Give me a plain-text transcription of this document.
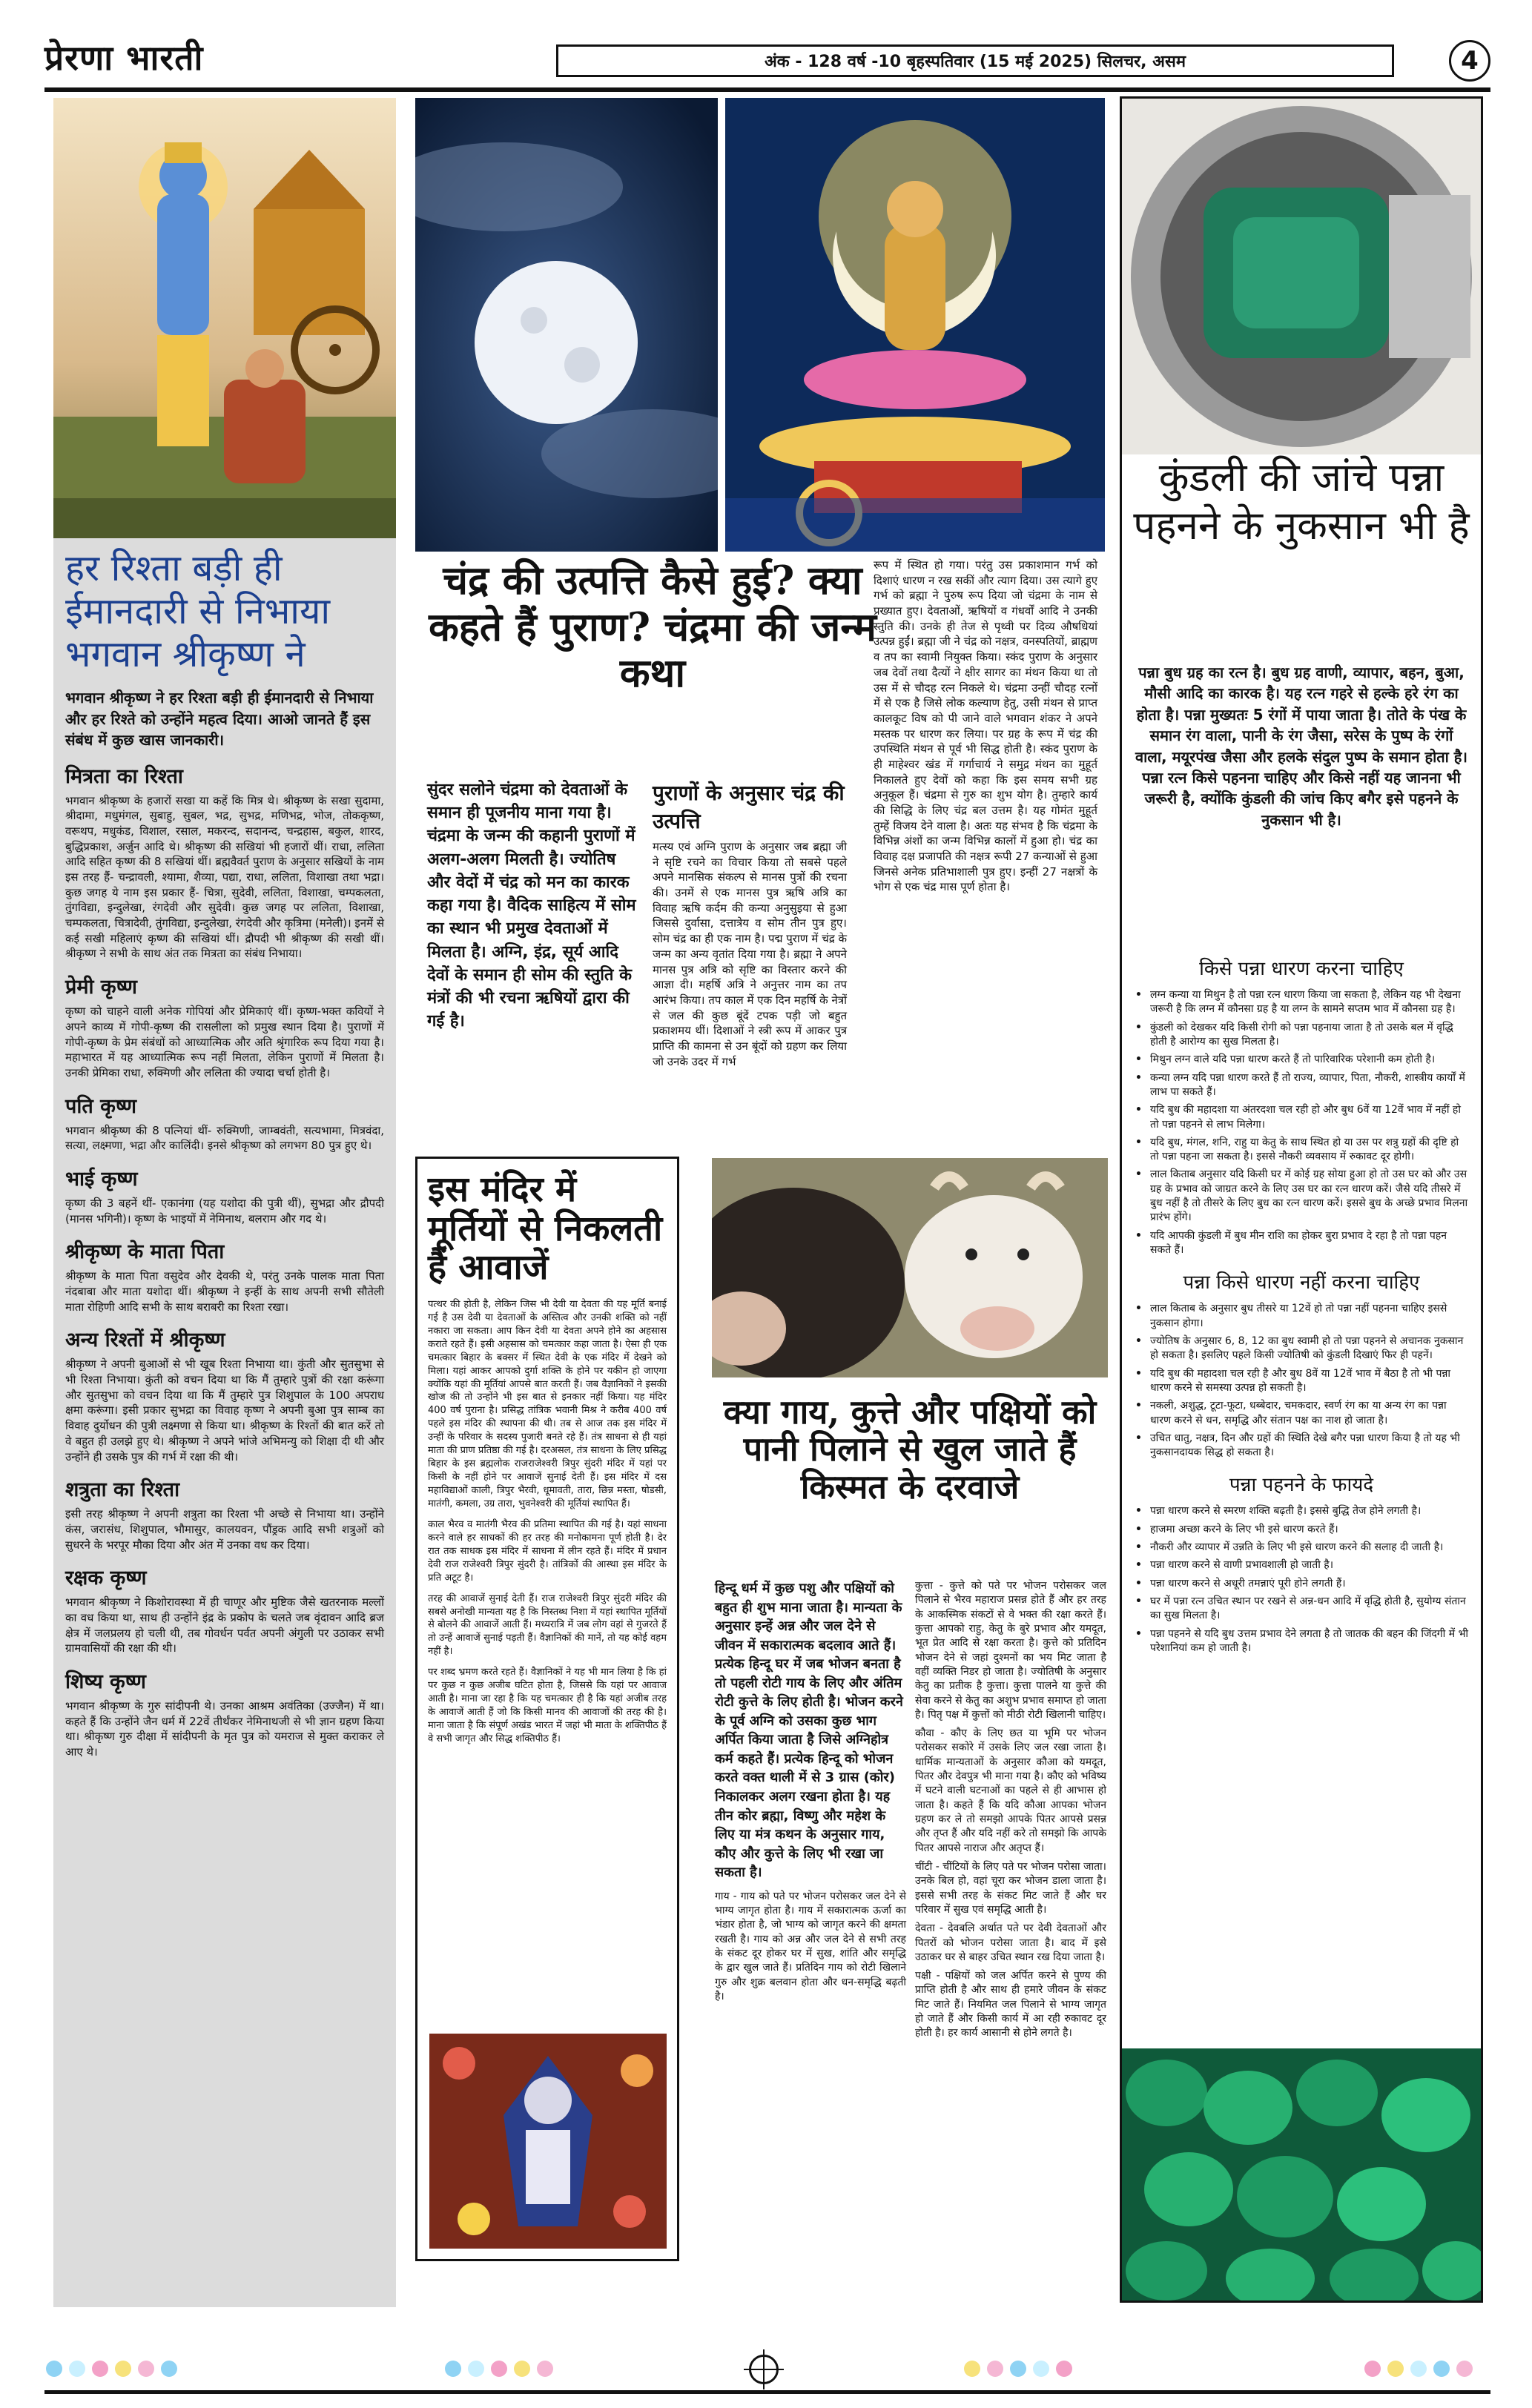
प्रेरणा भारती	अंक - 128 वर्ष -10 बृहस्पतिवार (15 मई 2025) सिलचर, असम	4
हर रिश्ता बड़ी ही ईमानदारी से निभाया भगवान श्रीकृष्ण ने
भगवान श्रीकृष्ण ने हर रिश्ता बड़ी ही ईमानदारी से निभाया और हर रिश्ते को उन्होंने महत्व दिया। आओ जानते हैं इस संबंध में कुछ खास जानकारी।
मित्रता का रिश्ता
भगवान श्रीकृष्ण के हजारों सखा या कहें कि मित्र थे। श्रीकृष्ण के सखा सुदामा, श्रीदामा, मधुमंगल, सुबाहु, सुबल, भद्र, सुभद्र, मणिभद्र, भोज, तोककृष्ण, वरूथप, मधुकंड, विशाल, रसाल, मकरन्द, सदानन्द, चन्द्रहास, बकुल, शारद, बुद्धिप्रकाश, अर्जुन आदि थे। श्रीकृष्ण की सखियां भी हजारों थीं। राधा, ललिता आदि सहित कृष्ण की 8 सखियां थीं। ब्रह्मवैवर्त पुराण के अनुसार सखियों के नाम इस तरह हैं- चन्द्रावली, श्यामा, शैव्या, पद्या, राधा, ललिता, विशाखा तथा भद्रा। कुछ जगह ये नाम इस प्रकार हैं- चित्रा, सुदेवी, ललिता, विशाखा, चम्पकलता, तुंगविद्या, इन्दुलेखा, रंगदेवी और सुदेवी। कुछ जगह पर ललिता, विशाखा, चम्पकलता, चित्रादेवी, तुंगविद्या, इन्दुलेखा, रंगदेवी और कृत्रिमा (मनेली)। इनमें से कई सखी महिलाएं कृष्ण की सखियां थीं। द्रौपदी भी श्रीकृष्ण की सखी थीं। श्रीकृष्ण ने सभी के साथ अंत तक मित्रता का संबंध निभाया।
प्रेमी कृष्ण
कृष्ण को चाहने वाली अनेक गोपियां और प्रेमिकाएं थीं। कृष्ण-भक्त कवियों ने अपने काव्य में गोपी-कृष्ण की रासलीला को प्रमुख स्थान दिया है। पुराणों में गोपी-कृष्ण के प्रेम संबंधों को आध्यात्मिक और अति श्रृंगारिक रूप दिया गया है। महाभारत में यह आध्यात्मिक रूप नहीं मिलता, लेकिन पुराणों में मिलता है। उनकी प्रेमिका राधा, रुक्मिणी और ललिता की ज्यादा चर्चा होती है।
पति कृष्ण
भगवान श्रीकृष्ण की 8 पत्नियां थीं- रुक्मिणी, जाम्बवंती, सत्यभामा, मित्रवंदा, सत्या, लक्ष्मणा, भद्रा और कालिंदी। इनसे श्रीकृष्ण को लगभग 80 पुत्र हुए थे।
भाई कृष्ण
कृष्ण की 3 बहनें थीं- एकानंगा (यह यशोदा की पुत्री थीं), सुभद्रा और द्रौपदी (मानस भगिनी)। कृष्ण के भाइयों में नेमिनाथ, बलराम और गद थे।
श्रीकृष्ण के माता पिता
श्रीकृष्ण के माता पिता वसुदेव और देवकी थे, परंतु उनके पालक माता पिता नंदबाबा और माता यशोदा थीं। श्रीकृष्ण ने इन्हीं के साथ अपनी सभी सौतेली माता रोहिणी आदि सभी के साथ बराबरी का रिश्ता रखा।
अन्य रिश्तों में श्रीकृष्ण
श्रीकृष्ण ने अपनी बुआओं से भी खूब रिश्ता निभाया था। कुंती और सुतसुभा से भी रिश्ता निभाया। कुंती को वचन दिया था कि मैं तुम्हारे पुत्रों की रक्षा करूंगा और सुतसुभा को वचन दिया था कि मैं तुम्हारे पुत्र शिशुपाल के 100 अपराध क्षमा करूंगा। इसी प्रकार सुभद्रा का विवाह कृष्ण ने अपनी बुआ पुत्र साम्ब का विवाह दुर्योधन की पुत्री लक्ष्मणा से किया था। श्रीकृष्ण के रिश्तों की बात करें तो वे बहुत ही उलझे हुए थे। श्रीकृष्ण ने अपने भांजे अभिमन्यु को शिक्षा दी थी और उन्होंने ही उसके पुत्र की गर्भ में रक्षा की थी।
शत्रुता का रिश्ता
इसी तरह श्रीकृष्ण ने अपनी शत्रुता का रिश्ता भी अच्छे से निभाया था। उन्होंने कंस, जरासंध, शिशुपाल, भौमासुर, कालयवन, पौंड्रक आदि सभी शत्रुओं को सुधरने के भरपूर मौका दिया और अंत में उनका वध कर दिया।
रक्षक कृष्ण
भगवान श्रीकृष्ण ने किशोरावस्था में ही चाणूर और मुष्टिक जैसे खतरनाक मल्लों का वध किया था, साथ ही उन्होंने इंद्र के प्रकोप के चलते जब वृंदावन आदि ब्रज क्षेत्र में जलप्रलय हो चली थी, तब गोवर्धन पर्वत अपनी अंगुली पर उठाकर सभी ग्रामवासियों की रक्षा की थी।
शिष्य कृष्ण
भगवान श्रीकृष्ण के गुरु सांदीपनी थे। उनका आश्रम अवंतिका (उज्जैन) में था। कहते हैं कि उन्होंने जैन धर्म में 22वें तीर्थंकर नेमिनाथजी से भी ज्ञान ग्रहण किया था। श्रीकृष्ण गुरु दीक्षा में सांदीपनी के मृत पुत्र को यमराज से मुक्त कराकर ले आए थे।
चंद्र की उत्पत्ति कैसे हुई? क्या कहते हैं पुराण? चंद्रमा की जन्म कथा
सुंदर सलोने चंद्रमा को देवताओं के समान ही पूजनीय माना गया है। चंद्रमा के जन्म की कहानी पुराणों में अलग-अलग मिलती है। ज्योतिष और वेदों में चंद्र को मन का कारक कहा गया है। वैदिक साहित्य में सोम का स्थान भी प्रमुख देवताओं में मिलता है। अग्नि, इंद्र, सूर्य आदि देवों के समान ही सोम की स्तुति के मंत्रों की भी रचना ऋषियों द्वारा की गई है।
पुराणों के अनुसार चंद्र की उत्पत्ति
मत्स्य एवं अग्नि पुराण के अनुसार जब ब्रह्मा जी ने सृष्टि रचने का विचार किया तो सबसे पहले अपने मानसिक संकल्प से मानस पुत्रों की रचना की। उनमें से एक मानस पुत्र ऋषि अत्रि का विवाह ऋषि कर्दम की कन्या अनुसुइया से हुआ जिससे दुर्वासा, दत्तात्रेय व सोम तीन पुत्र हुए। सोम चंद्र का ही एक नाम है। पद्म पुराण में चंद्र के जन्म का अन्य वृतांत दिया गया है। ब्रह्मा ने अपने मानस पुत्र अत्रि को सृष्टि का विस्तार करने की आज्ञा दी। महर्षि अत्रि ने अनुत्तर नाम का तप आरंभ किया। तप काल में एक दिन महर्षि के नेत्रों से जल की कुछ बूंदें टपक पड़ी जो बहुत प्रकाशमय थीं। दिशाओं ने स्त्री रूप में आकर पुत्र प्राप्ति की कामना से उन बूंदों को ग्रहण कर लिया जो उनके उदर में गर्भ
रूप में स्थित हो गया। परंतु उस प्रकाशमान गर्भ को दिशाएं धारण न रख सकीं और त्याग दिया। उस त्यागे हुए गर्भ को ब्रह्मा ने पुरुष रूप दिया जो चंद्रमा के नाम से प्रख्यात हुए। देवताओं, ऋषियों व गंधर्वों आदि ने उनकी स्तुति की। उनके ही तेज से पृथ्वी पर दिव्य औषधियां उत्पन्न हुईं। ब्रह्मा जी ने चंद्र को नक्षत्र, वनस्पतियों, ब्राह्मण व तप का स्वामी नियुक्त किया। स्कंद पुराण के अनुसार जब देवों तथा दैत्यों ने क्षीर सागर का मंथन किया था तो उस में से चौदह रत्न निकले थे। चंद्रमा उन्हीं चौदह रत्नों में से एक है जिसे लोक कल्याण हेतु, उसी मंथन से प्राप्त कालकूट विष को पी जाने वाले भगवान शंकर ने अपने मस्तक पर धारण कर लिया। पर ग्रह के रूप में चंद्र की उपस्थिति मंथन से पूर्व भी सिद्ध होती है। स्कंद पुराण के ही माहेश्वर खंड में गर्गाचार्य ने समुद्र मंथन का मुहूर्त निकालते हुए देवों को कहा कि इस समय सभी ग्रह अनुकूल हैं। चंद्रमा से गुरु का शुभ योग है। तुम्हारे कार्य की सिद्धि के लिए चंद्र बल उत्तम है। यह गोमंत मुहूर्त तुम्हें विजय देने वाला है। अतः यह संभव है कि चंद्रमा के विभिन्न अंशों का जन्म विभिन्न कालों में हुआ हो। चंद्र का विवाह दक्ष प्रजापति की नक्षत्र रूपी 27 कन्याओं से हुआ जिनसे अनेक प्रतिभाशाली पुत्र हुए। इन्हीं 27 नक्षत्रों के भोग से एक चंद्र मास पूर्ण होता है।
इस मंदिर में मूर्तियों से निकलती हैं आवाजें
पत्थर की होती है, लेकिन जिस भी देवी या देवता की यह मूर्ति बनाई गई है उस देवी या देवताओं के अस्तित्व और उनकी शक्ति को नहीं नकारा जा सकता। आप किन देवी या देवता अपने होने का अहसास कराते रहते हैं। इसी अहसास को चमत्कार कहा जाता है। ऐसा ही एक चमत्कार बिहार के बक्सर में स्थित देवी के एक मंदिर में देखने को मिला। यहां आकर आपको दुर्गा शक्ति के होने पर यकीन हो जाएगा क्योंकि यहां की मूर्तियां आपसे बात करती हैं। जब वैज्ञानिकों ने इसकी खोज की तो उन्होंने भी इस बात से इनकार नहीं किया। यह मंदिर 400 वर्ष पुराना है। प्रसिद्ध तांत्रिक भवानी मिश्र ने करीब 400 वर्ष पहले इस मंदिर की स्थापना की थी। तब से आज तक इस मंदिर में उन्हीं के परिवार के सदस्य पुजारी बनते रहे हैं। तंत्र साधना से ही यहां माता की प्राण प्रतिष्ठा की गई है। दरअसल, तंत्र साधना के लिए प्रसिद्ध बिहार के इस ब्रह्मलोक राजराजेश्वरी त्रिपुर सुंदरी मंदिर में यहां पर किसी के नहीं होने पर आवाजें सुनाई देती हैं। इस मंदिर में दस महाविद्याओं काली, त्रिपुर भैरवी, धूमावती, तारा, छिन्न मस्ता, षोडसी, मातंगी, कमला, उग्र तारा, भुवनेश्वरी की मूर्तियां स्थापित हैं।
काल भैरव व मातंगी भैरव की प्रतिमा स्थापित की गई है। यहां साधना करने वाले हर साधकों की हर तरह की मनोकामना पूर्ण होती है। देर रात तक साधक इस मंदिर में साधना में लीन रहते हैं। मंदिर में प्रधान देवी राज राजेश्वरी त्रिपुर सुंदरी है। तांत्रिकों की आस्था इस मंदिर के प्रति अटूट है।
तरह की आवाजें सुनाई देती हैं। राज राजेश्वरी त्रिपुर सुंदरी मंदिर की सबसे अनोखी मान्यता यह है कि निस्तब्ध निशा में यहां स्थापित मूर्तियों से बोलने की आवाजें आती हैं। मध्यरात्रि में जब लोग वहां से गुजरते हैं तो उन्हें आवाजें सुनाई पड़ती हैं। वैज्ञानिकों की मानें, तो यह कोई वहम नहीं है।
पर शब्द भ्रमण करते रहते हैं। वैज्ञानिकों ने यह भी मान लिया है कि हां पर कुछ न कुछ अजीब घटित होता है, जिससे कि यहां पर आवाज आती है। माना जा रहा है कि यह चमत्कार ही है कि यहां अजीब तरह के आवाजें आती हैं जो कि किसी मानव की आवाजों की तरह की है। माना जाता है कि संपूर्ण अखंड भारत में जहां भी माता के शक्तिपीठ हैं वे सभी जागृत और सिद्ध शक्तिपीठ हैं।
क्या गाय, कुत्ते और पक्षियों को पानी पिलाने से खुल जाते हैं किस्मत के दरवाजे
हिन्दू धर्म में कुछ पशु और पक्षियों को बहुत ही शुभ माना जाता है। मान्यता के अनुसार इन्हें अन्न और जल देने से जीवन में सकारात्मक बदलाव आते हैं। प्रत्येक हिन्दू घर में जब भोजन बनता है तो पहली रोटी गाय के लिए और अंतिम रोटी कुत्ते के लिए होती है। भोजन करने के पूर्व अग्नि को उसका कुछ भाग अर्पित किया जाता है जिसे अग्निहोत्र कर्म कहते हैं। प्रत्येक हिन्दू को भोजन करते वक्त थाली में से 3 ग्रास (कोर) निकालकर अलग रखना होता है। यह तीन कोर ब्रह्मा, विष्णु और महेश के लिए या मंत्र कथन के अनुसार गाय, कौए और कुत्ते के लिए भी रखा जा सकता है।
गाय - गाय को पते पर भोजन परोसकर जल देने से भाग्य जागृत होता है। गाय में सकारात्मक ऊर्जा का भंडार होता है, जो भाग्य को जागृत करने की क्षमता रखती है। गाय को अन्न और जल देने से सभी तरह के संकट दूर होकर घर में सुख, शांति और समृद्धि के द्वार खुल जाते हैं। प्रतिदिन गाय को रोटी खिलाने गुरु और शुक्र बलवान होता और धन-समृद्धि बढ़ती है।
कुत्ता - कुत्ते को पते पर भोजन परोसकर जल पिलाने से भैरव महाराज प्रसन्न होते हैं और हर तरह के आकस्मिक संकटों से वे भक्त की रक्षा करते हैं। कुत्ता आपको राहु, केतु के बुरे प्रभाव और यमदूत, भूत प्रेत आदि से रक्षा करता है। कुत्ते को प्रतिदिन भोजन देने से जहां दुश्मनों का भय मिट जाता है वहीं व्यक्ति निडर हो जाता है। ज्योतिषी के अनुसार केतु का प्रतीक है कुत्ता। कुत्ता पालने या कुत्ते की सेवा करने से केतु का अशुभ प्रभाव समाप्त हो जाता है। पितृ पक्ष में कुत्तों को मीठी रोटी खिलानी चाहिए।
कौवा - कौए के लिए छत या भूमि पर भोजन परोसकर सकोरे में उसके लिए जल रखा जाता है। धार्मिक मान्यताओं के अनुसार कौआ को यमदूत, पितर और देवपुत्र भी माना गया है। कौए को भविष्य में घटने वाली घटनाओं का पहले से ही आभास हो जाता है। कहते हैं कि यदि कौआ आपका भोजन ग्रहण कर ले तो समझो आपके पितर आपसे प्रसन्न और तृप्त हैं और यदि नहीं करे तो समझो कि आपके पितर आपसे नाराज और अतृप्त हैं।
चींटी - चींटियों के लिए पते पर भोजन परोसा जाता। उनके बिल हो, वहां चूरा कर भोजन डाला जाता है। इससे सभी तरह के संकट मिट जाते हैं और घर परिवार में सुख एवं समृद्धि आती है।
देवता - देवबलि अर्थात पते पर देवी देवताओं और पितरों को भोजन परोसा जाता है। बाद में इसे उठाकर घर से बाहर उचित स्थान रख दिया जाता है।
पक्षी - पक्षियों को जल अर्पित करने से पुण्य की प्राप्ति होती है और साथ ही हमारे जीवन के संकट मिट जाते हैं। नियमित जल पिलाने से भाग्य जागृत हो जाते हैं और किसी कार्य में आ रही रुकावट दूर होती है। हर कार्य आसानी से होने लगते है।
कुंडली की जांचे पन्ना पहनने के नुकसान भी है
पन्ना बुध ग्रह का रत्न है। बुध ग्रह वाणी, व्यापार, बहन, बुआ, मौसी आदि का कारक है। यह रत्न गहरे से हल्के हरे रंग का होता है। पन्ना मुख्यतः 5 रंगों में पाया जाता है। तोते के पंख के समान रंग वाला, पानी के रंग जैसा, सरेस के पुष्प के रंगों वाला, मयूरपंख जैसा और हलके संदुल पुष्प के समान होता है। पन्ना रत्न किसे पहनना चाहिए और किसे नहीं यह जानना भी जरूरी है, क्योंकि कुंडली की जांच किए बगैर इसे पहनने के नुकसान भी है।
किसे पन्ना धारण करना चाहिए
• लग्न कन्या या मिथुन है तो पन्ना रत्न धारण किया जा सकता है, लेकिन यह भी देखना जरूरी है कि लग्न में कौनसा ग्रह है या लग्न के सामने सप्तम भाव में कौनसा ग्रह है।
• कुंडली को देखकर यदि किसी रोगी को पन्ना पहनाया जाता है तो उसके बल में वृद्धि होती है आरोग्य का सुख मिलता है।
• मिथुन लग्न वाले यदि पन्ना धारण करते हैं तो पारिवारिक परेशानी कम होती है।
• कन्या लग्न यदि पन्ना धारण करते हैं तो राज्य, व्यापार, पिता, नौकरी, शास्त्रीय कार्यों में लाभ पा सकते हैं।
• यदि बुध की महादशा या अंतरदशा चल रही हो और बुध 6वें या 12वें भाव में नहीं हो तो पन्ना पहनने से लाभ मिलेगा।
• यदि बुध, मंगल, शनि, राहु या केतु के साथ स्थित हो या उस पर शत्रु ग्रहों की दृष्टि हो तो पन्ना पहना जा सकता है। इससे नौकरी व्यवसाय में रुकावट दूर होगी।
• लाल किताब अनुसार यदि किसी घर में कोई ग्रह सोया हुआ हो तो उस घर को और उस ग्रह के प्रभाव को जाग्रत करने के लिए उस घर का रत्न धारण करें। जैसे यदि तीसरे में बुध नहीं है तो तीसरे के लिए बुध का रत्न धारण करें। इससे बुध के अच्छे प्रभाव मिलना प्रारंभ होंगे।
• यदि आपकी कुंडली में बुध मीन राशि का होकर बुरा प्रभाव दे रहा है तो पन्ना पहन सकते हैं।
पन्ना किसे धारण नहीं करना चाहिए
• लाल किताब के अनुसार बुध तीसरे या 12वें हो तो पन्ना नहीं पहनना चाहिए इससे नुकसान होगा।
• ज्योतिष के अनुसार 6, 8, 12 का बुध स्वामी हो तो पन्ना पहनने से अचानक नुकसान हो सकता है। इसलिए पहले किसी ज्योतिषी को कुंडली दिखाएं फिर ही पहनें।
• यदि बुध की महादशा चल रही है और बुध 8वें या 12वें भाव में बैठा है तो भी पन्ना धारण करने से समस्या उत्पन्न हो सकती है।
• नकली, अशुद्ध, टूटा-फूटा, धब्बेदार, चमकदार, स्वर्ण रंग का या अन्य रंग का पन्ना धारण करने से धन, समृद्धि और संतान पक्ष का नाश हो जाता है।
• उचित धातु, नक्षत्र, दिन और ग्रहों की स्थिति देखे बगैर पन्ना धारण किया है तो यह भी नुकसानदायक सिद्ध हो सकता है।
पन्ना पहनने के फायदे
• पन्ना धारण करने से स्मरण शक्ति बढ़ती है। इससे बुद्धि तेज होने लगती है।
• हाजमा अच्छा करने के लिए भी इसे धारण करते हैं।
• नौकरी और व्यापार में उन्नति के लिए भी इसे धारण करने की सलाह दी जाती है।
• पन्ना धारण करने से वाणी प्रभावशाली हो जाती है।
• पन्ना धारण करने से अधूरी तमन्नाएं पूरी होने लगती हैं।
• घर में पन्ना रत्न उचित स्थान पर रखने से अन्न-धन आदि में वृद्धि होती है, सुयोग्य संतान का सुख मिलता है।
• पन्ना पहनने से यदि बुध उत्तम प्रभाव देने लगता है तो जातक की बहन की जिंदगी में भी परेशानियां कम हो जाती है।
